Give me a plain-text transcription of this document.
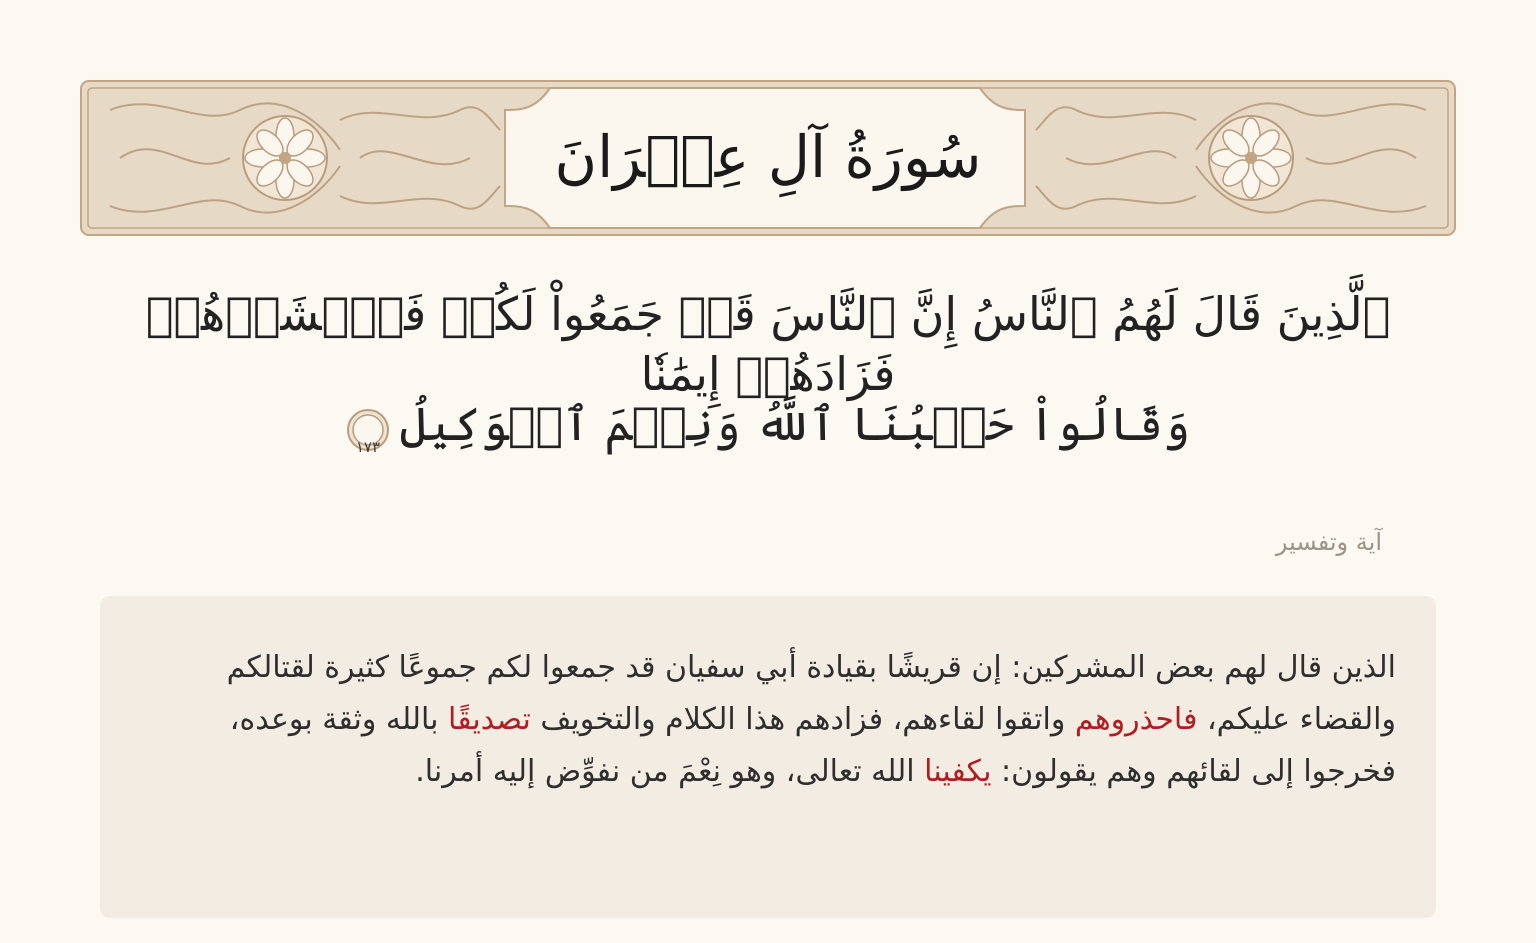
سُورَةُ آلِ عِمۡرَانَ
ٱلَّذِينَ قَالَ لَهُمُ ٱلنَّاسُ إِنَّ ٱلنَّاسَ قَدۡ جَمَعُواْ لَكُمۡ فَٱخۡشَوۡهُمۡ فَزَادَهُمۡ إِيمَٰنٗا
وَقَالُواْ حَسۡبُنَا ٱللَّهُ وَنِعۡمَ ٱلۡوَكِيلُ
١٧٣
آية وتفسير
الذين قال لهم بعض المشركين: إن قريشًا بقيادة أبي سفيان قد جمعوا لكم جموعًا كثيرة لقتالكم والقضاء عليكم، فاحذروهم واتقوا لقاءهم، فزادهم هذا الكلام والتخويف تصديقًا بالله وثقة بوعده، فخرجوا إلى لقائهم وهم يقولون: يكفينا الله تعالى، وهو نِعْمَ من نفوِّض إليه أمرنا.
